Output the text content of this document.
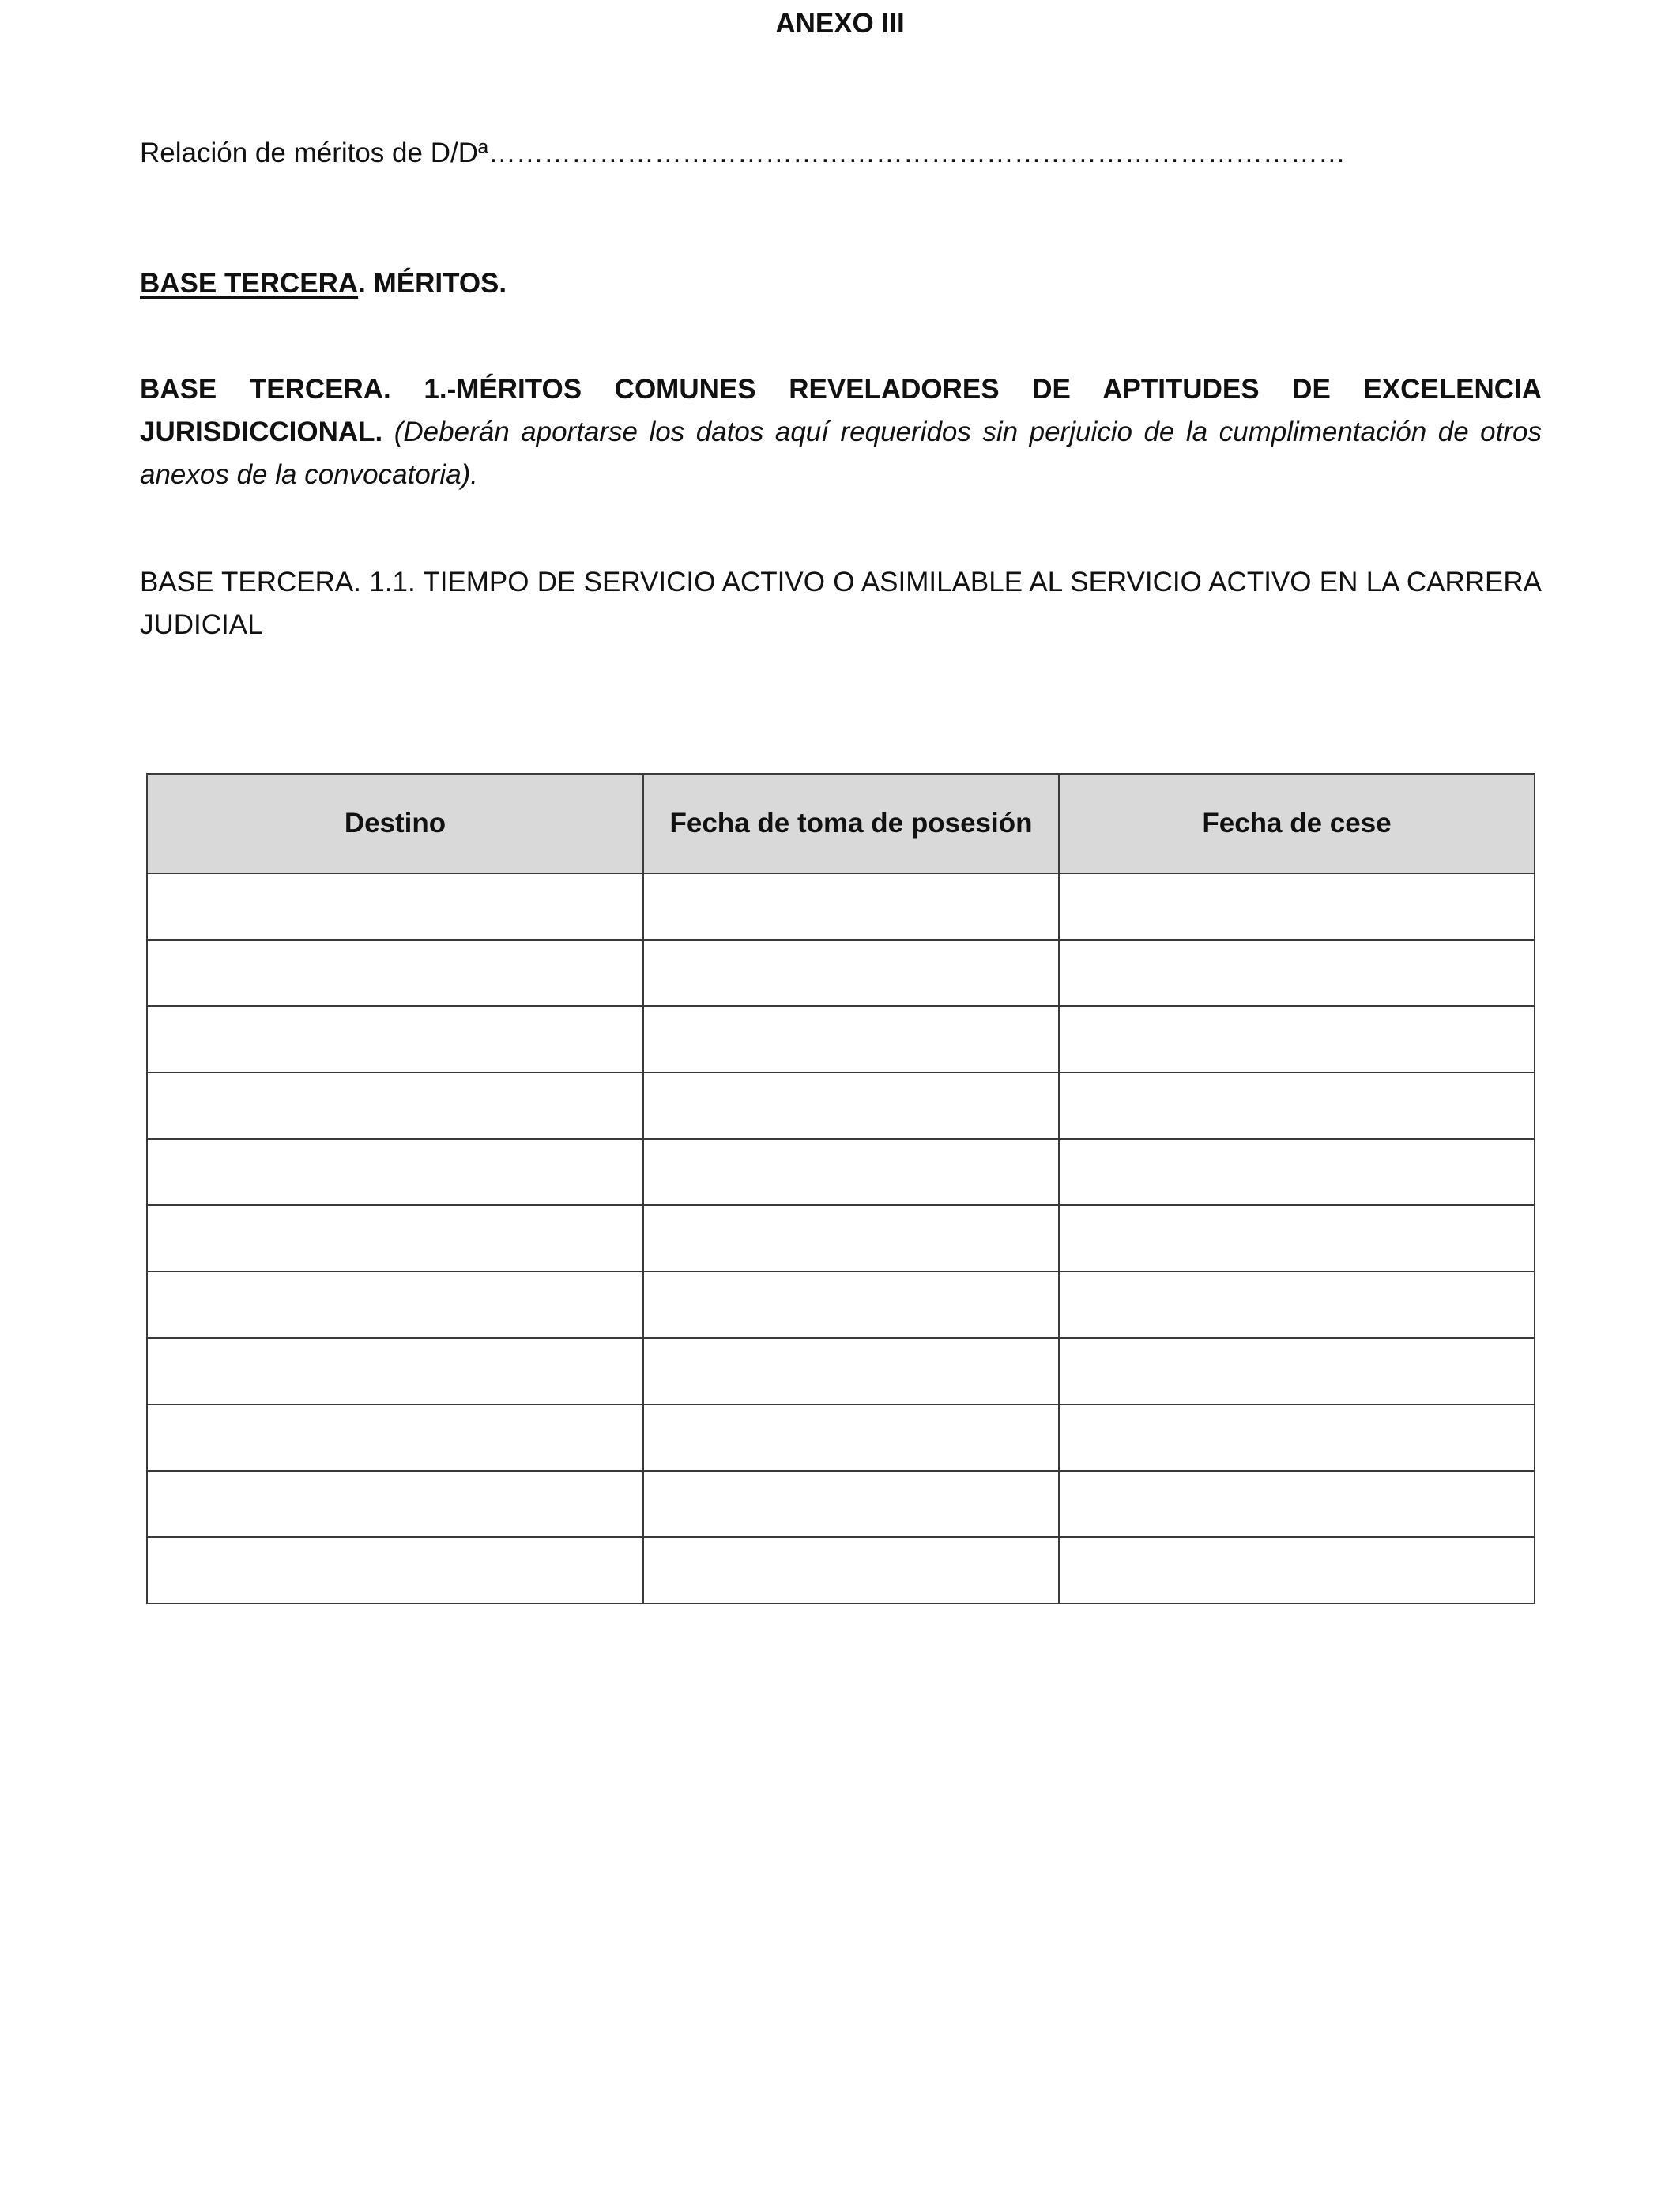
ANEXO III
Relación de méritos de D/Dª…………………………………………………………………………………
BASE TERCERA. MÉRITOS.
BASE TERCERA. 1.-MÉRITOS COMUNES REVELADORES DE APTITUDES DE EXCELENCIA JURISDICCIONAL. (Deberán aportarse los datos aquí requeridos sin perjuicio de la cumplimentación de otros anexos de la convocatoria).
BASE TERCERA. 1.1. TIEMPO DE SERVICIO ACTIVO O ASIMILABLE AL SERVICIO ACTIVO EN LA CARRERA JUDICIAL
Destino	Fecha de toma de posesión	Fecha de cese
